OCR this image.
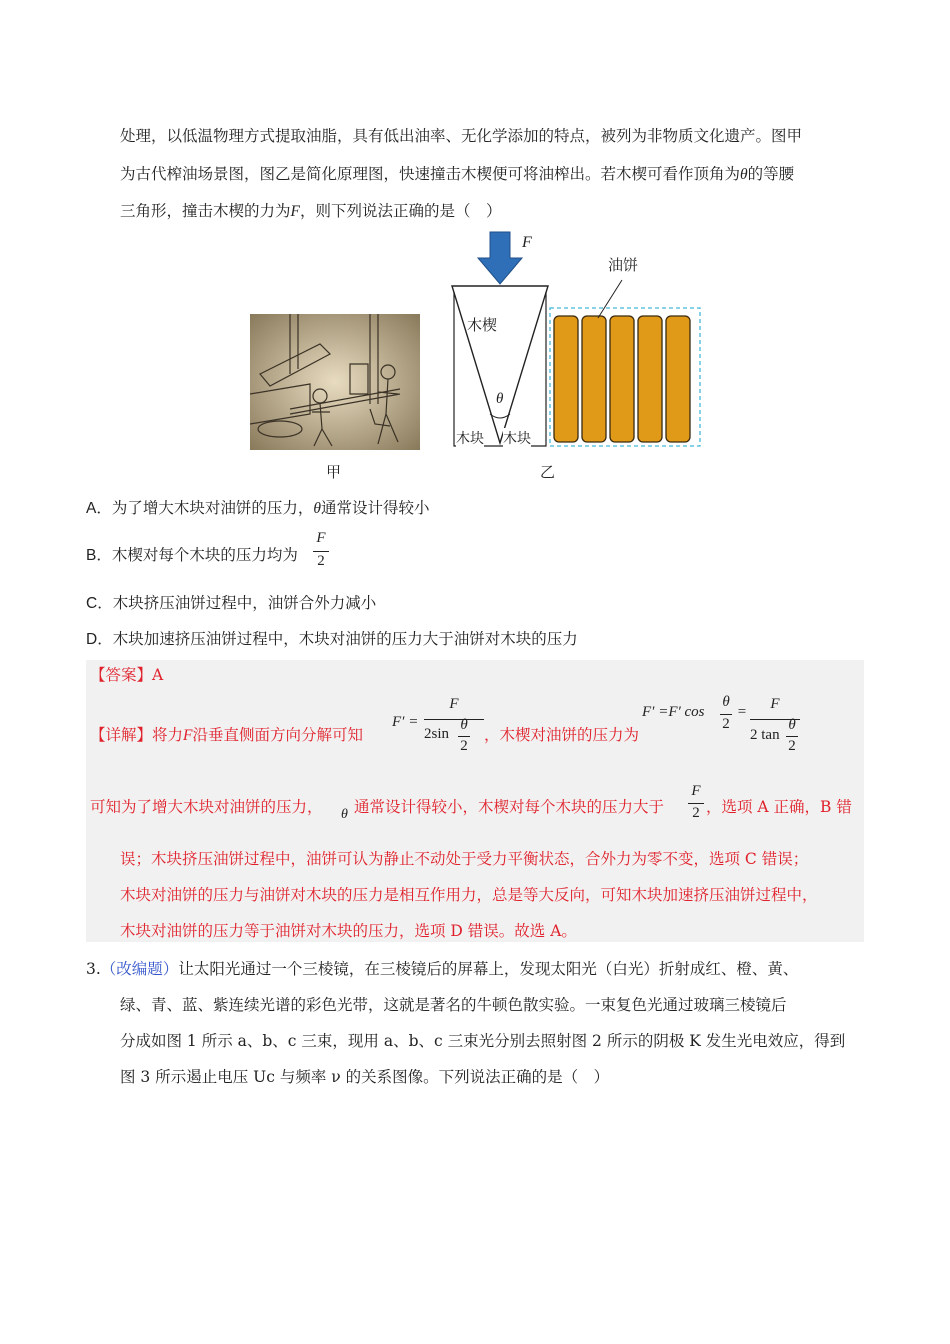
处理，以低温物理方式提取油脂，具有低出油率、无化学添加的特点，被列为非物质文化遗产。图甲
为古代榨油场景图，图乙是简化原理图，快速撞击木楔便可将油榨出。若木楔可看作顶角为θ的等腰
三角形，撞击木楔的力为F，则下列说法正确的是（　）
F
木楔
θ
木块 木块
油饼
甲	乙
A．为了增大木块对油饼的压力，θ通常设计得较小
B．木楔对每个木块的压力均为
F
2
C．木块挤压油饼过程中，油饼合外力减小
D．木块加速挤压油饼过程中，木块对油饼的压力大于油饼对木块的压力
【答案】A
【详解】将力F沿垂直侧面方向分解可知
F′ =
F
2sin
θ
2
，木楔对油饼的压力为
F′ =F′ cos
θ
2
=	F
2 tan
θ
2
可知为了增大木块对油饼的压力， θ 通常设计得较小，木楔对每个木块的压力大于
F
2 ，选项 A 正确，B 错
误；木块挤压油饼过程中，油饼可认为静止不动处于受力平衡状态，合外力为零不变，选项 C 错误；
木块对油饼的压力与油饼对木块的压力是相互作用力，总是等大反向，可知木块加速挤压油饼过程中，
木块对油饼的压力等于油饼对木块的压力，选项 D 错误。故选 A。
3.（改编题）让太阳光通过一个三棱镜，在三棱镜后的屏幕上，发现太阳光（白光）折射成红、橙、黄、
绿、青、蓝、紫连续光谱的彩色光带，这就是著名的牛顿色散实验。一束复色光通过玻璃三棱镜后
分成如图 1 所示 a、b、c 三束，现用 a、b、c 三束光分别去照射图 2 所示的阴极 K 发生光电效应，得到
图 3 所示遏止电压 Uc 与频率 ν 的关系图像。下列说法正确的是（　）
